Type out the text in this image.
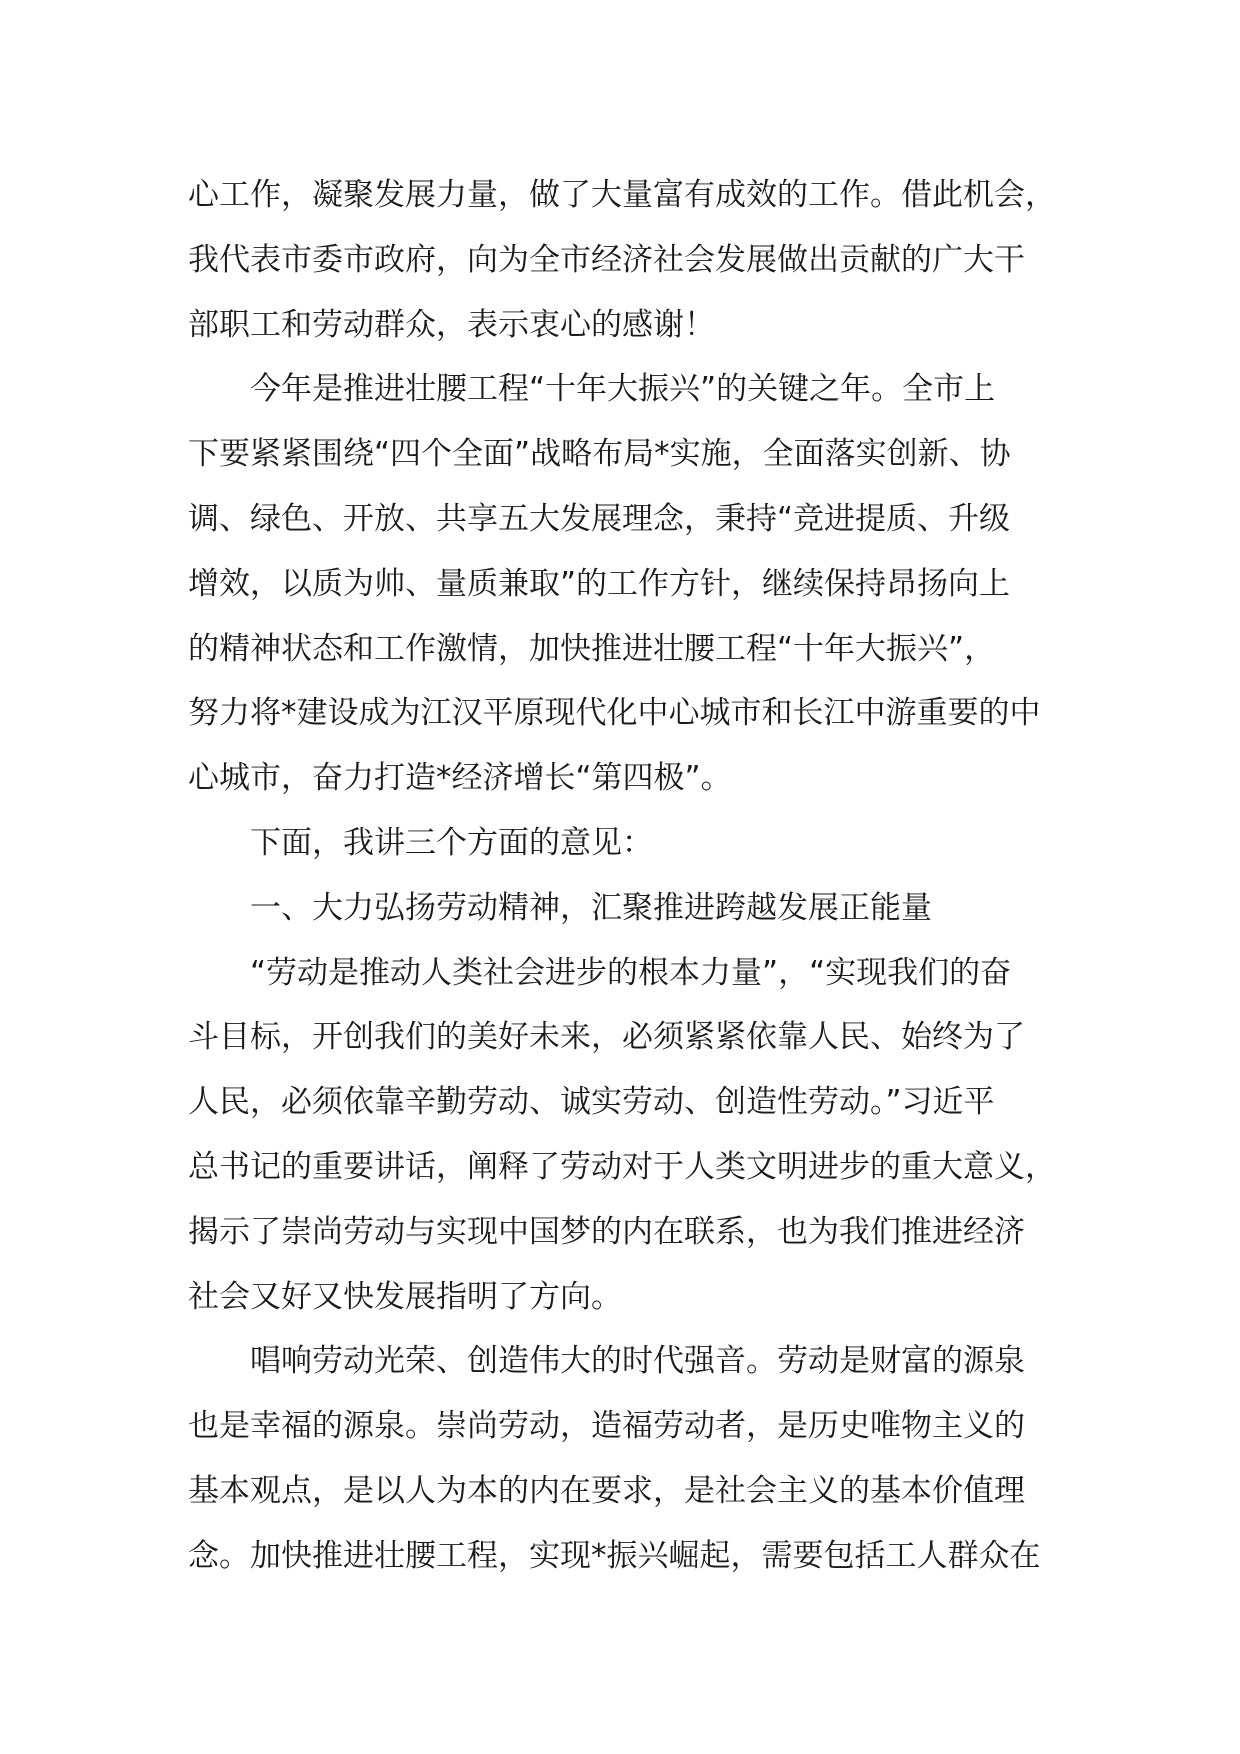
心工作，凝聚发展力量，做了大量富有成效的工作。借此机会，
我代表市委市政府，向为全市经济社会发展做出贡献的广大干
部职工和劳动群众，表示衷心的感谢！
今年是推进壮腰工程“十年大振兴”的关键之年。全市上
下要紧紧围绕“四个全面”战略布局*实施，全面落实创新、协
调、绿色、开放、共享五大发展理念，秉持“竞进提质、升级
增效，以质为帅、量质兼取”的工作方针，继续保持昂扬向上
的精神状态和工作激情，加快推进壮腰工程“十年大振兴”，
努力将*建设成为江汉平原现代化中心城市和长江中游重要的中
心城市，奋力打造*经济增长“第四极”。
下面，我讲三个方面的意见：
一、大力弘扬劳动精神，汇聚推进跨越发展正能量
“劳动是推动人类社会进步的根本力量”，“实现我们的奋
斗目标，开创我们的美好未来，必须紧紧依靠人民、始终为了
人民，必须依靠辛勤劳动、诚实劳动、创造性劳动。”习近平
总书记的重要讲话，阐释了劳动对于人类文明进步的重大意义，
揭示了崇尚劳动与实现中国梦的内在联系，也为我们推进经济
社会又好又快发展指明了方向。
唱响劳动光荣、创造伟大的时代强音。劳动是财富的源泉
也是幸福的源泉。崇尚劳动，造福劳动者，是历史唯物主义的
基本观点，是以人为本的内在要求，是社会主义的基本价值理
念。加快推进壮腰工程，实现*振兴崛起，需要包括工人群众在
